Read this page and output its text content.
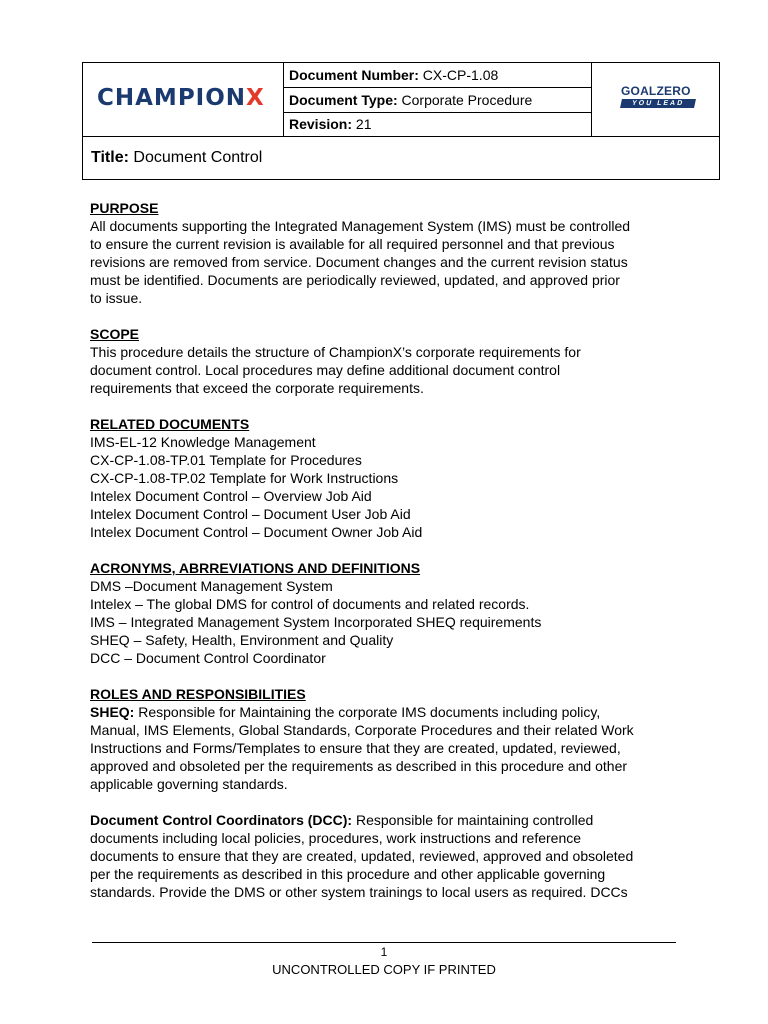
CHAMPIONX
Document Number: CX-CP-1.08
Document Type: Corporate Procedure
Revision: 21
GOALZERO
YOU LEAD
Title: Document Control

PURPOSE

All documents supporting the Integrated Management System (IMS) must be controlled

to ensure the current revision is available for all required personnel and that previous

revisions are removed from service. Document changes and the current revision status

must be identified. Documents are periodically reviewed, updated, and approved prior

to issue.

SCOPE

This procedure details the structure of ChampionX’s corporate requirements for

document control. Local procedures may define additional document control

requirements that exceed the corporate requirements.

RELATED DOCUMENTS

IMS-EL-12 Knowledge Management

CX-CP-1.08-TP.01 Template for Procedures

CX-CP-1.08-TP.02 Template for Work Instructions

Intelex Document Control – Overview Job Aid

Intelex Document Control – Document User Job Aid

Intelex Document Control – Document Owner Job Aid

ACRONYMS, ABRREVIATIONS AND DEFINITIONS

DMS –Document Management System

Intelex – The global DMS for control of documents and related records.

IMS – Integrated Management System Incorporated SHEQ requirements

SHEQ – Safety, Health, Environment and Quality

DCC – Document Control Coordinator

ROLES AND RESPONSIBILITIES

SHEQ: Responsible for Maintaining the corporate IMS documents including policy,

Manual, IMS Elements, Global Standards, Corporate Procedures and their related Work

Instructions and Forms/Templates to ensure that they are created, updated, reviewed,

approved and obsoleted per the requirements as described in this procedure and other

applicable governing standards.

Document Control Coordinators (DCC): Responsible for maintaining controlled

documents including local policies, procedures, work instructions and reference

documents to ensure that they are created, updated, reviewed, approved and obsoleted

per the requirements as described in this procedure and other applicable governing

standards. Provide the DMS or other system trainings to local users as required. DCCs

1
UNCONTROLLED COPY IF PRINTED
